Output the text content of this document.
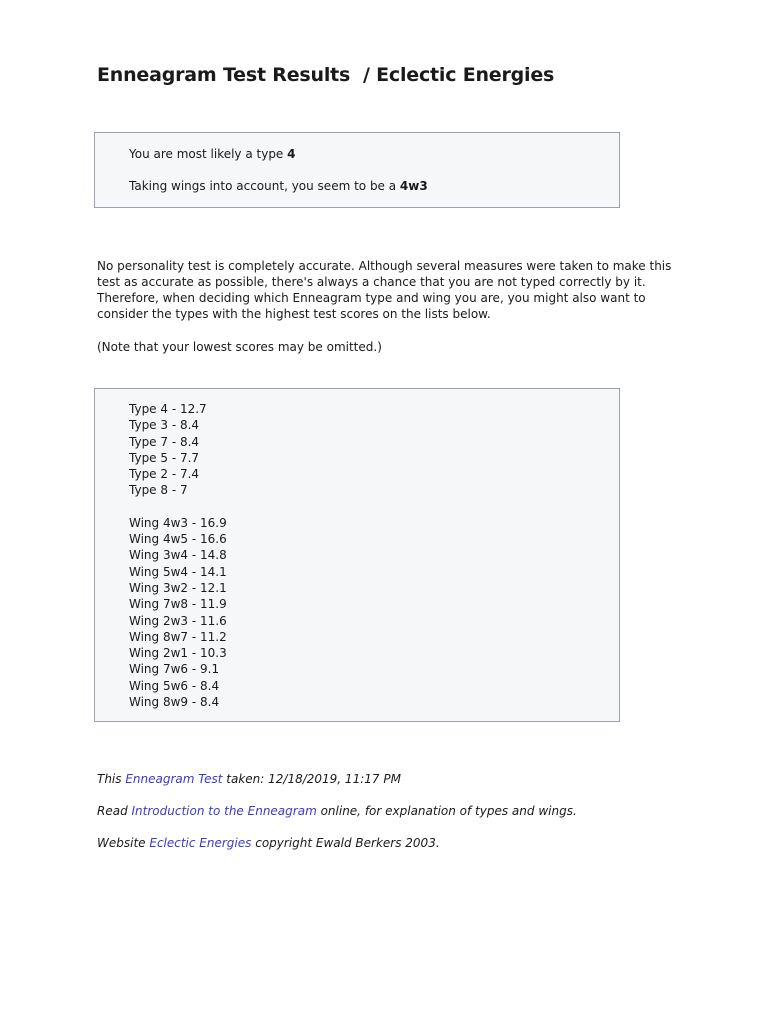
Enneagram Test Results  / Eclectic Energies

You are most likely a type 4

Taking wings into account, you seem to be a 4w3

No personality test is completely accurate. Although several measures were taken to make this test as accurate as possible, there's always a chance that you are not typed correctly by it. Therefore, when deciding which Enneagram type and wing you are, you might also want to consider the types with the highest test scores on the lists below.

(Note that your lowest scores may be omitted.)

Type 4 - 12.7
Type 3 - 8.4
Type 7 - 8.4
Type 5 - 7.7
Type 2 - 7.4
Type 8 - 7
Wing 4w3 - 16.9
Wing 4w5 - 16.6
Wing 3w4 - 14.8
Wing 5w4 - 14.1
Wing 3w2 - 12.1
Wing 7w8 - 11.9
Wing 2w3 - 11.6
Wing 8w7 - 11.2
Wing 2w1 - 10.3
Wing 7w6 - 9.1
Wing 5w6 - 8.4
Wing 8w9 - 8.4

This Enneagram Test taken: 12/18/2019, 11:17 PM

Read Introduction to the Enneagram online, for explanation of types and wings.

Website Eclectic Energies copyright Ewald Berkers 2003.
